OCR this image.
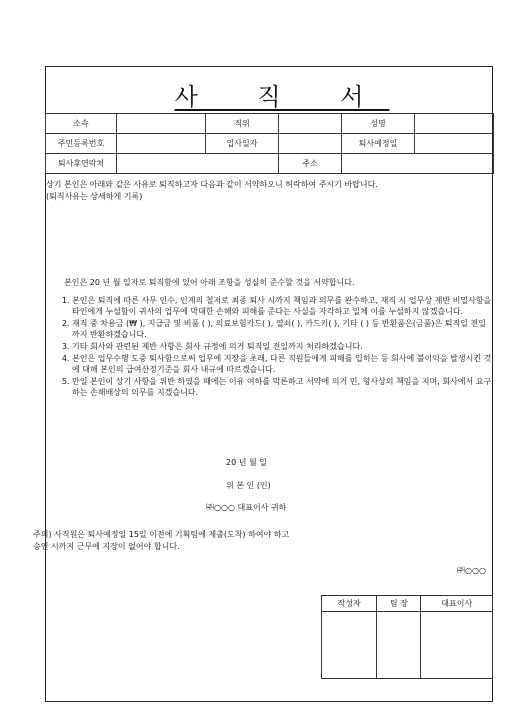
사 직 서
소속		직위		성명	
주민등록번호		입사일자		퇴사예정일	
퇴사후연락처			주소		
상기 본인은 아래와 같은 사유로 퇴직하고자 다음과 같이 서약하오니 허락하여 주시기 바랍니다.
(퇴직사유는 상세하게 기록)
본인은 20 년 월 일자로 퇴직함에 있어 아래 조항을 성실히 준수할 것을 서약합니다.
1. 본인은 퇴직에 따른 사무 인수, 인계의 철저로 최종 퇴사 시까지 책임과 의무를 완수하고, 재직 시 업무상 제반 비밀사항을 타인에게 누설함이 귀사의 업무에 막대한 손해와 피해를 준다는 사실을 자각하고 일체 이를 누설하지 않겠습니다.
2. 재직 중 차용금 (₩ ), 지급금 및 비품 ( ), 의료보험카드( ), 열쇠( ), 카드키( ), 기타 ( ) 등 반환품은(금품)은 퇴직일 전일까지 반환하겠습니다.
3. 기타 회사와 관련된 제반 사항은 회사 규정에 의거 퇴직일 전일까지 처리하겠습니다.
4. 본인은 업무수행 도중 퇴사함으로써 업무에 지장을 초래, 다른 직원들에게 피해를 입히는 등 회사에 불이익을 발생시킨 것에 대해 본인의 급여산정기준을 회사 내규에 따르겠습니다.
5. 만일 본인이 상기 사항을 위반 하였을 때에는 이유 여하를 막론하고 서약에 의거 민, 형사상의 책임을 지며, 회사에서 요구하는 손해배상의 의무를 지겠습니다.
20 년 월 일
위 본 인 (인)
㈜○○○ 대표이사 귀하
주의) 사직원은 퇴사예정일 15일 이전에 기획팀에 제출(도착) 하여야 하고
승인 시까지 근무에 지장이 없어야 합니다.
㈜○○○
작성자	팀 장	대표이사
